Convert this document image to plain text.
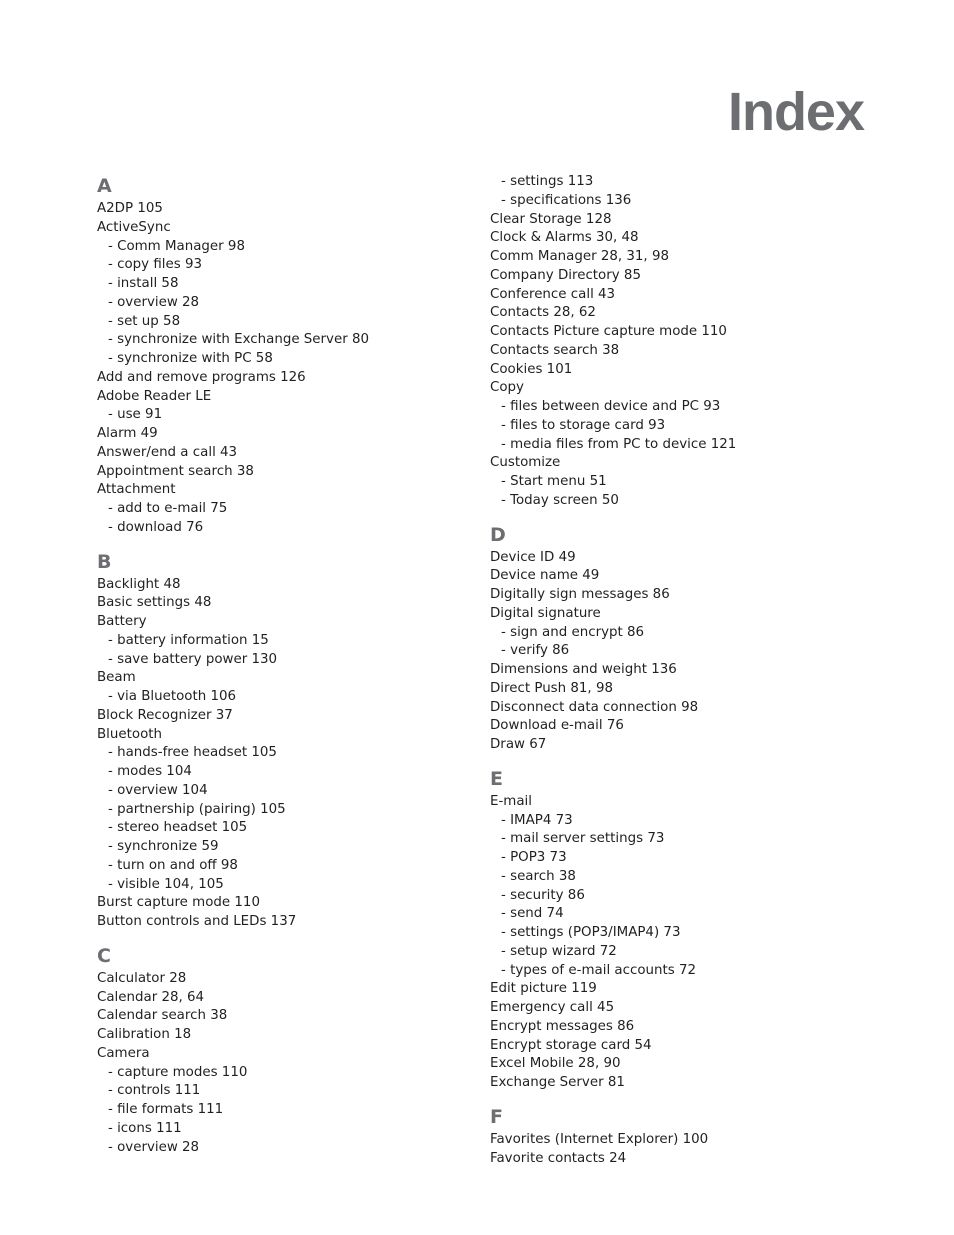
Index
A
A2DP 105
ActiveSync
- Comm Manager 98
- copy files 93
- install 58
- overview 28
- set up 58
- synchronize with Exchange Server 80
- synchronize with PC 58
Add and remove programs 126
Adobe Reader LE
- use 91
Alarm 49
Answer/end a call 43
Appointment search 38
Attachment
- add to e-mail 75
- download 76
B
Backlight 48
Basic settings 48
Battery
- battery information 15
- save battery power 130
Beam
- via Bluetooth 106
Block Recognizer 37
Bluetooth
- hands-free headset 105
- modes 104
- overview 104
- partnership (pairing) 105
- stereo headset 105
- synchronize 59
- turn on and off 98
- visible 104, 105
Burst capture mode 110
Button controls and LEDs 137
C
Calculator 28
Calendar 28, 64
Calendar search 38
Calibration 18
Camera
- capture modes 110
- controls 111
- file formats 111
- icons 111
- overview 28
- settings 113
- specifications 136
Clear Storage 128
Clock & Alarms 30, 48
Comm Manager 28, 31, 98
Company Directory 85
Conference call 43
Contacts 28, 62
Contacts Picture capture mode 110
Contacts search 38
Cookies 101
Copy
- files between device and PC 93
- files to storage card 93
- media files from PC to device 121
Customize
- Start menu 51
- Today screen 50
D
Device ID 49
Device name 49
Digitally sign messages 86
Digital signature
- sign and encrypt 86
- verify 86
Dimensions and weight 136
Direct Push 81, 98
Disconnect data connection 98
Download e-mail 76
Draw 67
E
E-mail
- IMAP4 73
- mail server settings 73
- POP3 73
- search 38
- security 86
- send 74
- settings (POP3/IMAP4) 73
- setup wizard 72
- types of e-mail accounts 72
Edit picture 119
Emergency call 45
Encrypt messages 86
Encrypt storage card 54
Excel Mobile 28, 90
Exchange Server 81
F
Favorites (Internet Explorer) 100
Favorite contacts 24
